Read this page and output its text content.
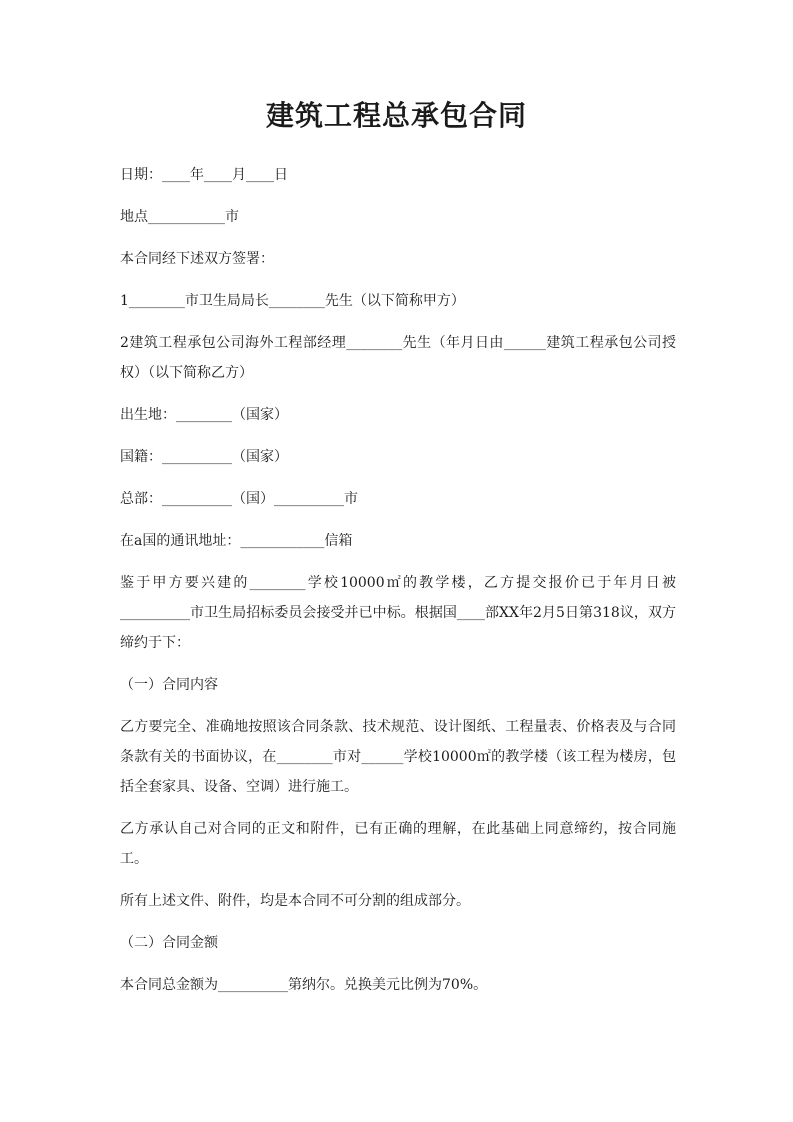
建筑工程总承包合同

日期：____年____月____日

地点___________市

本合同经下述双方签署：

1________市卫生局局长________先生（以下简称甲方）

2建筑工程承包公司海外工程部经理________先生（年月日由______建筑工程承包公司授权）（以下简称乙方）

出生地：________（国家）

国籍：__________（国家）

总部：__________（国）__________市

在a国的通讯地址：____________信箱

鉴于甲方要兴建的________学校10000㎡的教学楼，乙方提交报价已于年月日被__________市卫生局招标委员会接受并已中标。根据国____部XX年2月5日第318议，双方缔约于下：

（一）合同内容

乙方要完全、准确地按照该合同条款、技术规范、设计图纸、工程量表、价格表及与合同条款有关的书面协议，在________市对______学校10000㎡的教学楼（该工程为楼房，包括全套家具、设备、空调）进行施工。

乙方承认自己对合同的正文和附件，已有正确的理解，在此基础上同意缔约，按合同施工。

所有上述文件、附件，均是本合同不可分割的组成部分。

（二）合同金额

本合同总金额为__________第纳尔。兑换美元比例为70%。
